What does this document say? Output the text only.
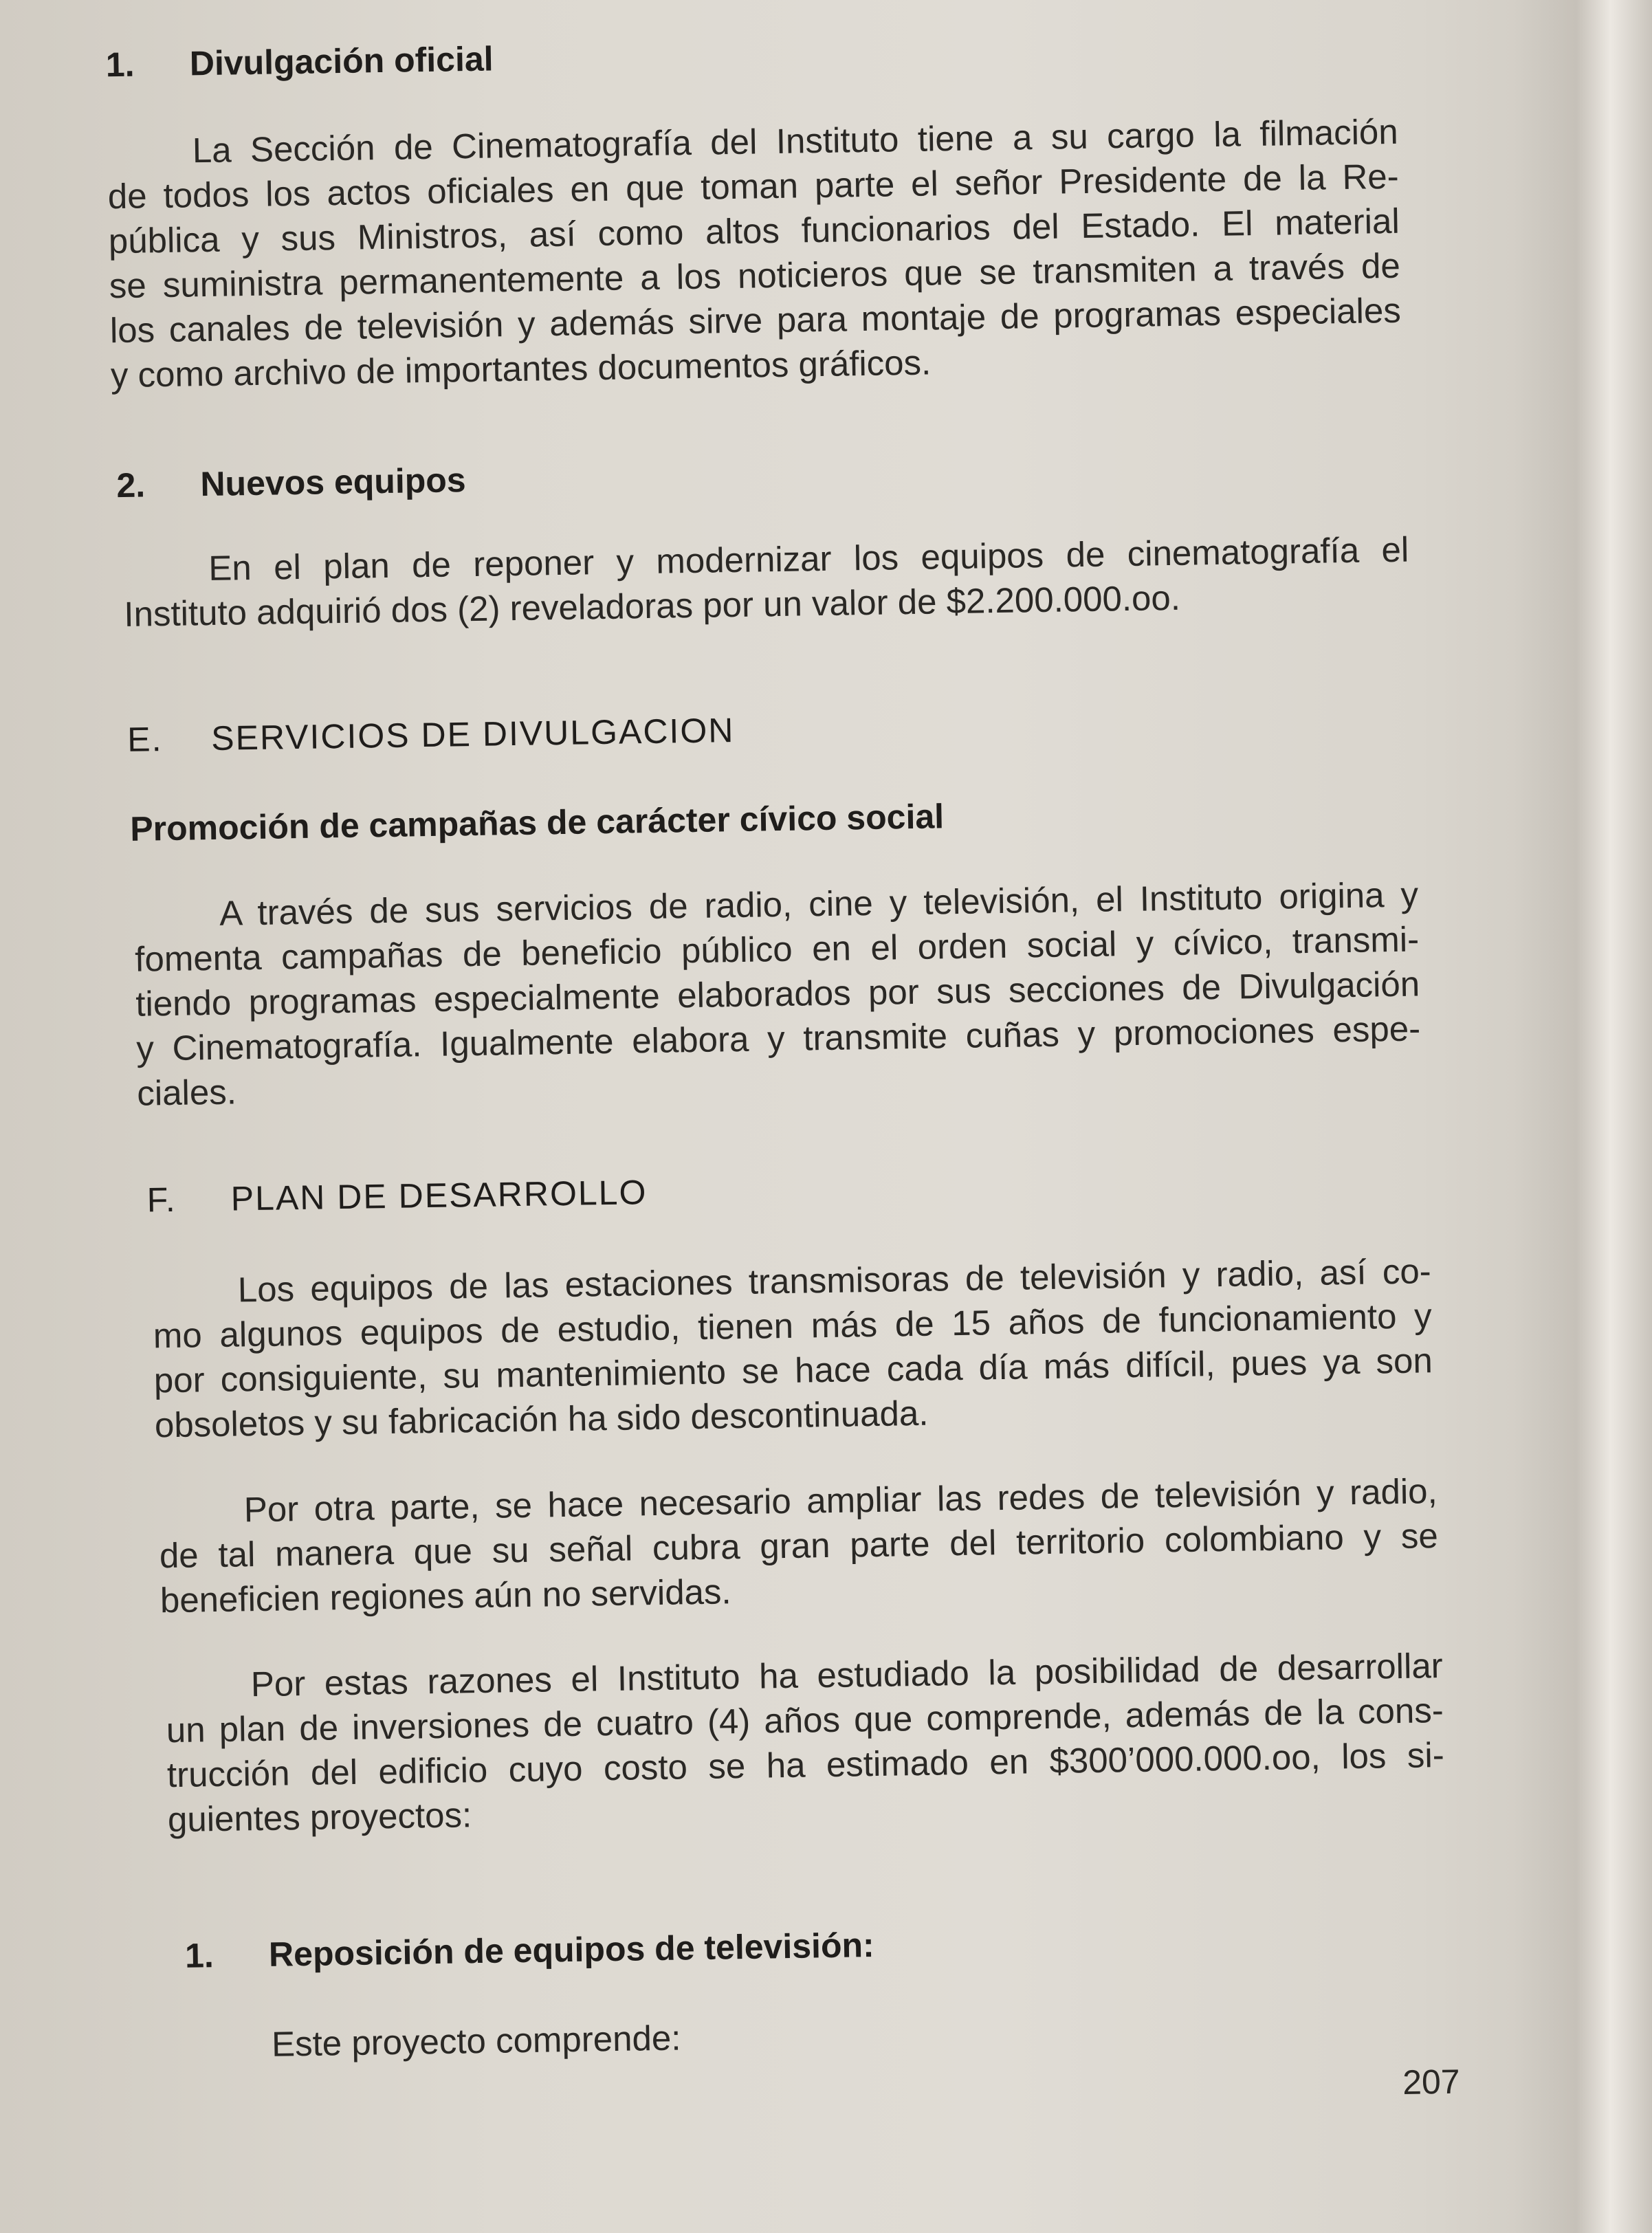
1. Divulgación oficial
La Sección de Cinematografía del Instituto tiene a su cargo la filmación
de todos los actos oficiales en que toman parte el señor Presidente de la Re-
pública y sus Ministros, así como altos funcionarios del Estado. El material
se suministra permanentemente a los noticieros que se transmiten a través de
los canales de televisión y además sirve para montaje de programas especiales
y como archivo de importantes documentos gráficos.
2. Nuevos equipos
En el plan de reponer y modernizar los equipos de cinematografía el
Instituto adquirió dos (2) reveladoras por un valor de $2.200.000.oo.
E. SERVICIOS DE DIVULGACION
Promoción de campañas de carácter cívico social
A través de sus servicios de radio, cine y televisión, el Instituto origina y
fomenta campañas de beneficio público en el orden social y cívico, transmi-
tiendo programas especialmente elaborados por sus secciones de Divulgación
y Cinematografía. Igualmente elabora y transmite cuñas y promociones espe-
ciales.
F. PLAN DE DESARROLLO
Los equipos de las estaciones transmisoras de televisión y radio, así co-
mo algunos equipos de estudio, tienen más de 15 años de funcionamiento y
por consiguiente, su mantenimiento se hace cada día más difícil, pues ya son
obsoletos y su fabricación ha sido descontinuada.
Por otra parte, se hace necesario ampliar las redes de televisión y radio,
de tal manera que su señal cubra gran parte del territorio colombiano y se
beneficien regiones aún no servidas.
Por estas razones el Instituto ha estudiado la posibilidad de desarrollar
un plan de inversiones de cuatro (4) años que comprende, además de la cons-
trucción del edificio cuyo costo se ha estimado en $300’000.000.oo, los si-
guientes proyectos:
1. Reposición de equipos de televisión:
Este proyecto comprende:
207
